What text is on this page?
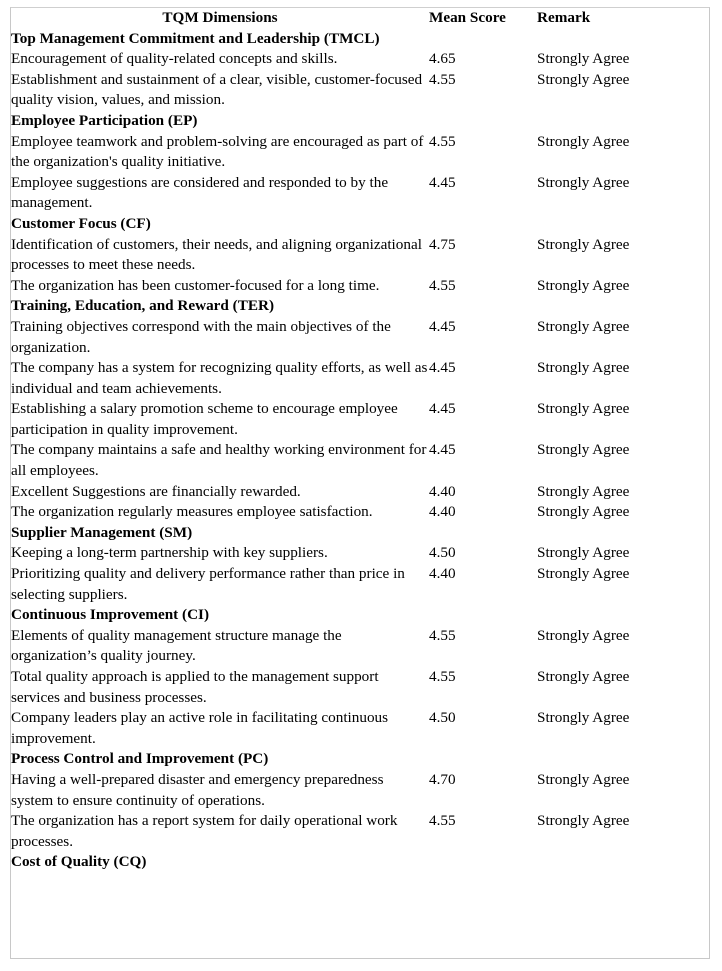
TQM Dimensions	Mean Score	Remark
Top Management Commitment and Leadership (TMCL)		
Encouragement of quality-related concepts and skills.	4.65	Strongly Agree
Establishment and sustainment of a clear, visible, customer-focused quality vision, values, and mission.	4.55	Strongly Agree
Employee Participation (EP)		
Employee teamwork and problem-solving are encouraged as part of the organization's quality initiative.	4.55	Strongly Agree
Employee suggestions are considered and responded to by the management.	4.45	Strongly Agree
Customer Focus (CF)		
Identification of customers, their needs, and aligning organizational processes to meet these needs.	4.75	Strongly Agree
The organization has been customer-focused for a long time.	4.55	Strongly Agree
Training, Education, and Reward (TER)		
Training objectives correspond with the main objectives of the organization.	4.45	Strongly Agree
The company has a system for recognizing quality efforts, as well as individual and team achievements.	4.45	Strongly Agree
Establishing a salary promotion scheme to encourage employee participation in quality improvement.	4.45	Strongly Agree
The company maintains a safe and healthy working environment for all employees.	4.45	Strongly Agree
Excellent Suggestions are financially rewarded.	4.40	Strongly Agree
The organization regularly measures employee satisfaction.	4.40	Strongly Agree
Supplier Management (SM)		
Keeping a long-term partnership with key suppliers.	4.50	Strongly Agree
Prioritizing quality and delivery performance rather than price in selecting suppliers.	4.40	Strongly Agree
Continuous Improvement (CI)		
Elements of quality management structure manage the organization’s quality journey.	4.55	Strongly Agree
Total quality approach is applied to the management support services and business processes.	4.55	Strongly Agree
Company leaders play an active role in facilitating continuous improvement.	4.50	Strongly Agree
Process Control and Improvement (PC)		
Having a well-prepared disaster and emergency preparedness system to ensure continuity of operations.	4.70	Strongly Agree
The organization has a report system for daily operational work processes.	4.55	Strongly Agree
Cost of Quality (CQ)		
